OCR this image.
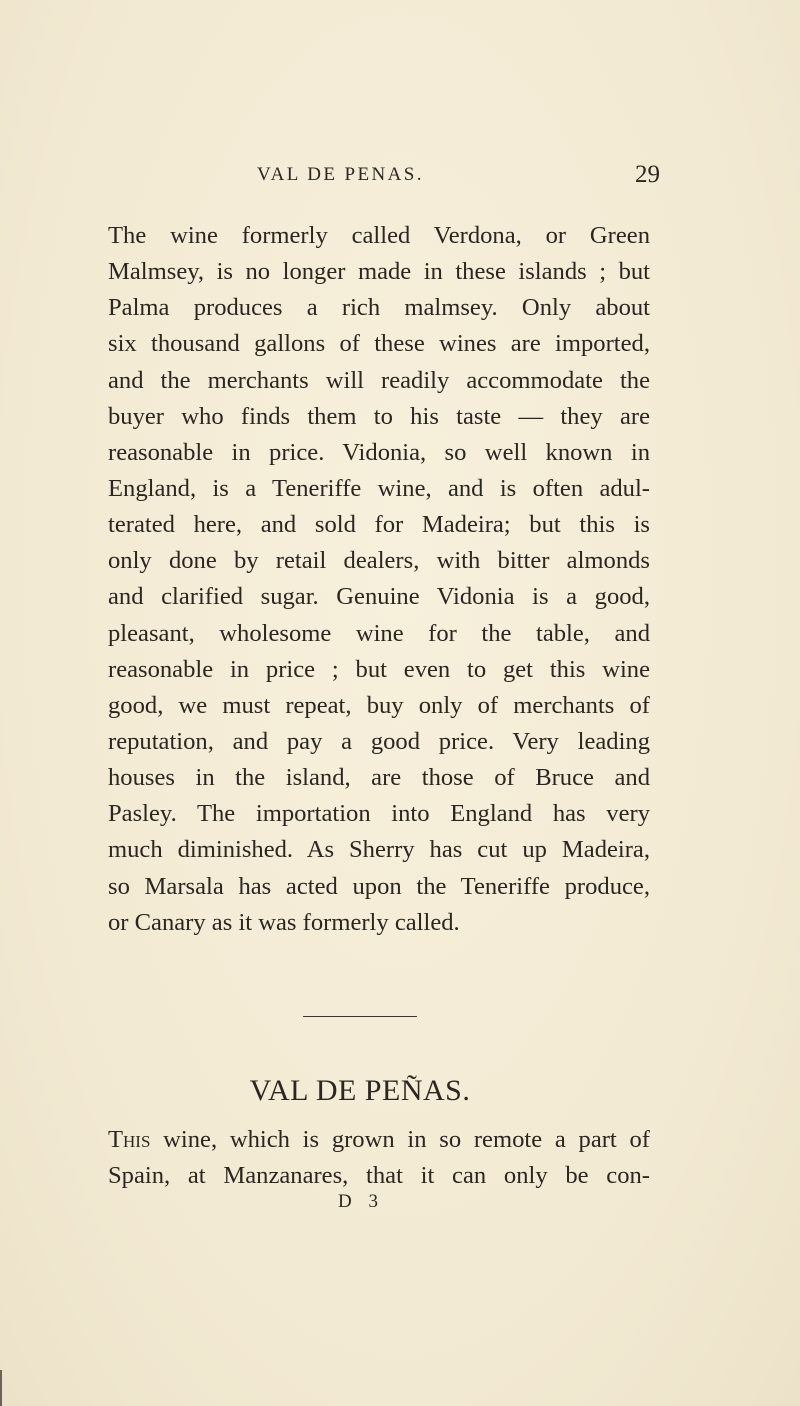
VAL DE PENAS.	29
The wine formerly called Verdona, or Green
Malmsey, is no longer made in these islands ; but
Palma produces a rich malmsey. Only about
six thousand gallons of these wines are imported,
and the merchants will readily accommodate the
buyer who finds them to his taste — they are
reasonable in price. Vidonia, so well known in
England, is a Teneriffe wine, and is often adul-
terated here, and sold for Madeira; but this is
only done by retail dealers, with bitter almonds
and clarified sugar. Genuine Vidonia is a good,
pleasant, wholesome wine for the table, and
reasonable in price ; but even to get this wine
good, we must repeat, buy only of merchants of
reputation, and pay a good price. Very leading
houses in the island, are those of Bruce and
Pasley. The importation into England has very
much diminished. As Sherry has cut up Madeira,
so Marsala has acted upon the Teneriffe produce,
or Canary as it was formerly called.
VAL DE PEÑAS.
This wine, which is grown in so remote a part of
Spain, at Manzanares, that it can only be con-
D 3
